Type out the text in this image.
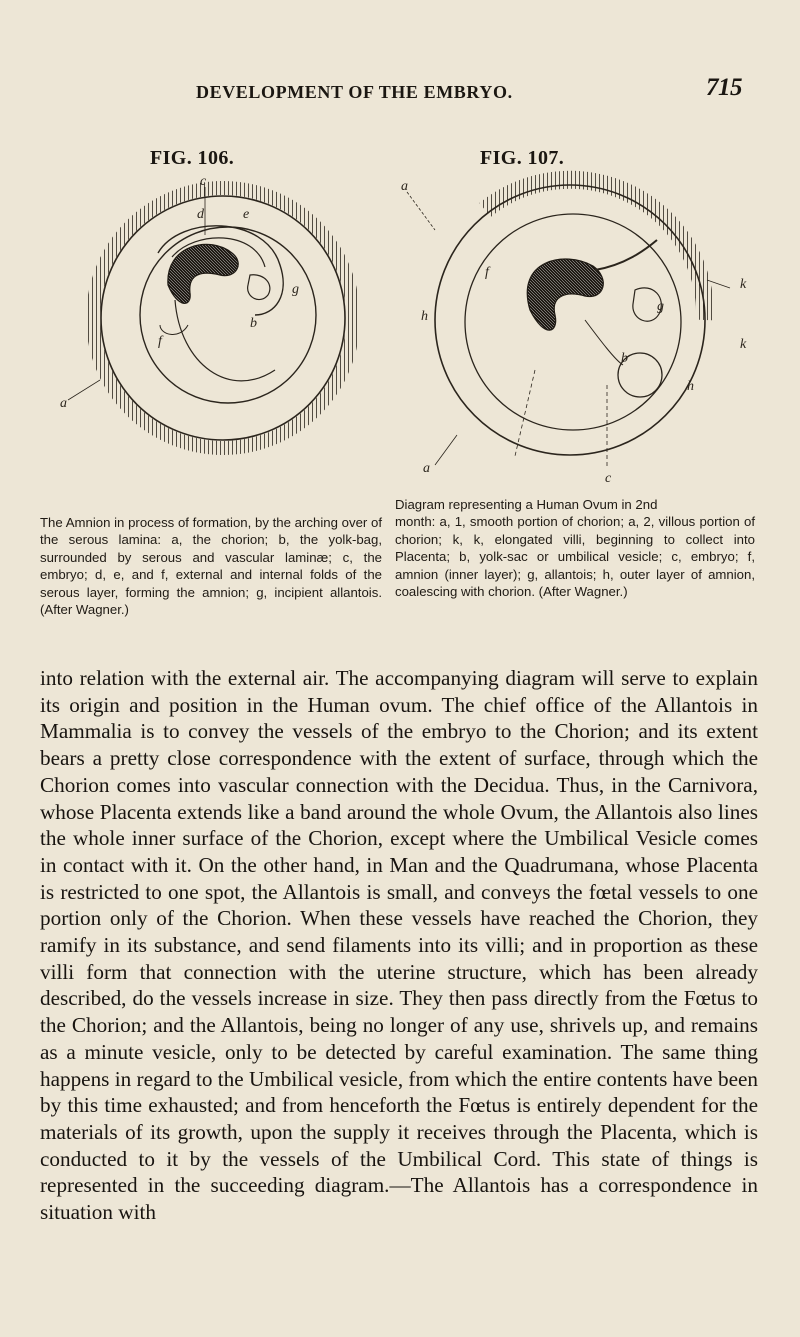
DEVELOPMENT OF THE EMBRYO.	715
FIG. 106.	FIG. 107.
c
d	e
g
b
f
a
a
k
h
f
g
b
k
h
a
c
The Amnion in process of formation, by the arching over of the serous lamina: a, the chorion; b, the yolk-bag, surrounded by serous and vascular laminæ; c, the embryo; d, e, and f, external and internal folds of the serous layer, forming the amnion; g, incipient allantois. (After Wagner.)
Diagram representing a Human Ovum in 2nd
month: a, 1, smooth portion of chorion; a, 2, villous portion of chorion; k, k, elongated villi, beginning to collect into Placenta; b, yolk-sac or umbilical vesicle; c, embryo; f, amnion (inner layer); g, allantois; h, outer layer of amnion, coalescing with chorion. (After Wagner.)
into relation with the external air. The accompanying diagram will serve to explain its origin and position in the Human ovum. The chief office of the Allantois in Mammalia is to convey the vessels of the embryo to the Chorion; and its extent bears a pretty close correspondence with the extent of surface, through which the Chorion comes into vascular connection with the Decidua. Thus, in the Carnivora, whose Placenta extends like a band around the whole Ovum, the Allantois also lines the whole inner surface of the Chorion, except where the Umbilical Vesicle comes in contact with it. On the other hand, in Man and the Quadrumana, whose Placenta is restricted to one spot, the Allantois is small, and conveys the fœtal vessels to one portion only of the Chorion. When these vessels have reached the Chorion, they ramify in its substance, and send filaments into its villi; and in proportion as these villi form that connection with the uterine structure, which has been already described, do the vessels increase in size. They then pass directly from the Fœtus to the Chorion; and the Allantois, being no longer of any use, shrivels up, and remains as a minute vesicle, only to be detected by careful examination. The same thing happens in regard to the Umbilical vesicle, from which the entire contents have been by this time exhausted; and from henceforth the Fœtus is entirely dependent for the materials of its growth, upon the supply it receives through the Placenta, which is conducted to it by the vessels of the Umbilical Cord. This state of things is represented in the succeeding diagram.—The Allantois has a correspondence in situation with
